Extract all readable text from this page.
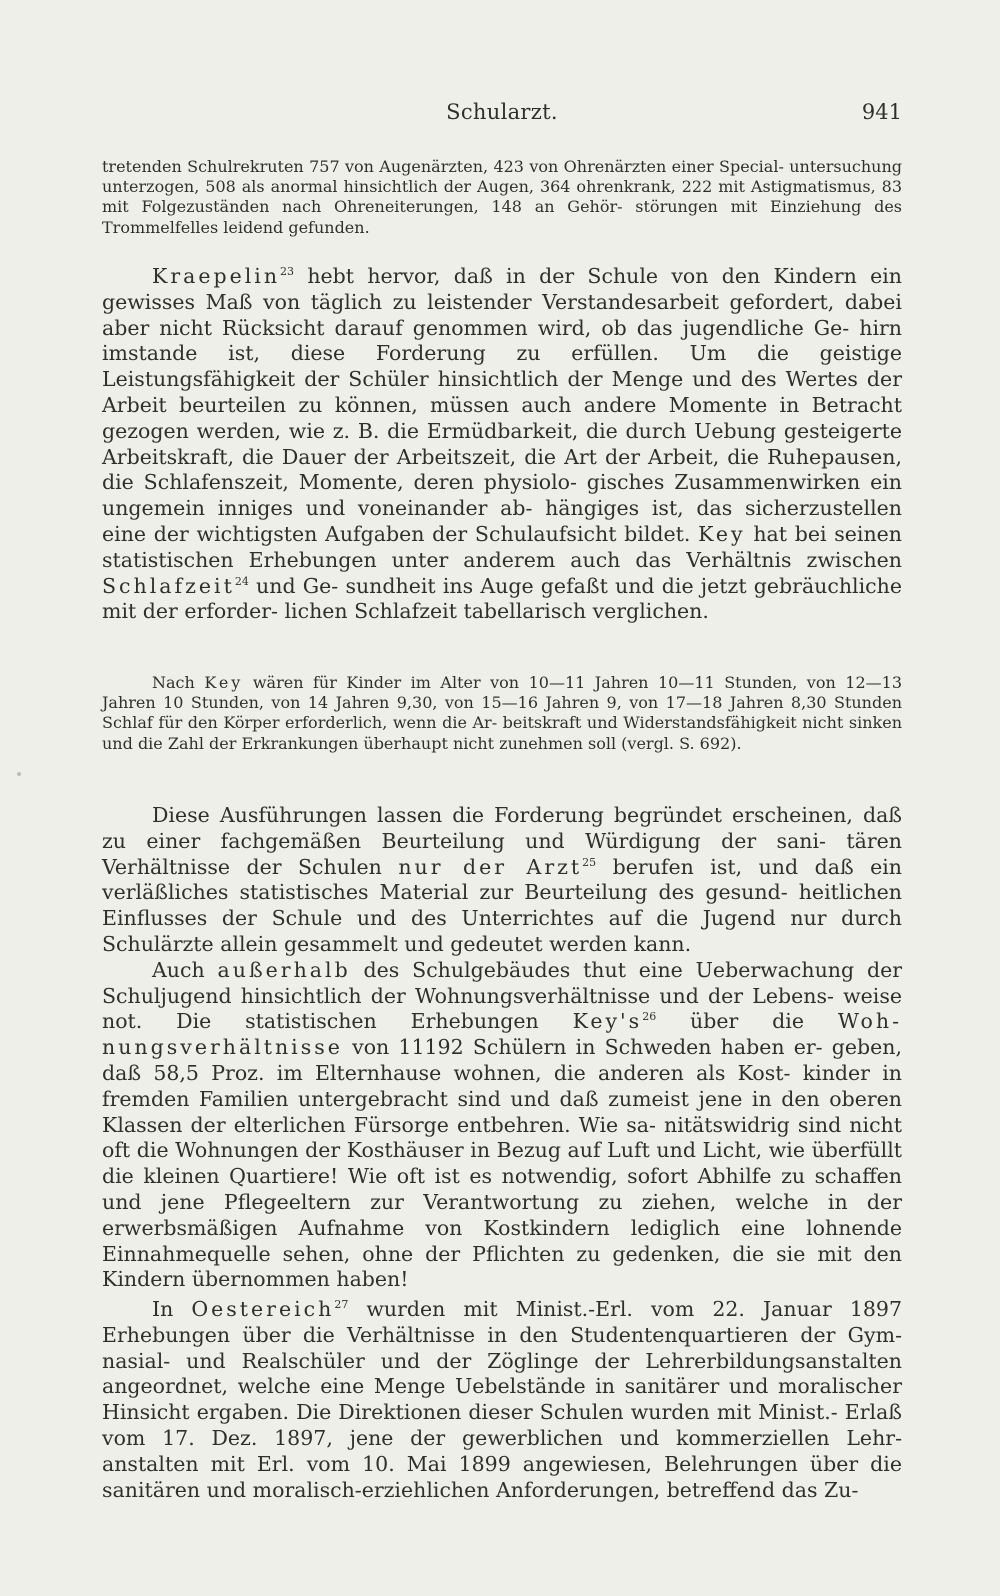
Schularzt.	941

tretenden Schulrekruten 757 von Augenärzten, 423 von Ohrenärzten einer Special- untersuchung unterzogen, 508 als anormal hinsichtlich der Augen, 364 ohrenkrank, 222 mit Astigmatismus, 83 mit Folgezuständen nach Ohreneiterungen, 148 an Gehör- störungen mit Einziehung des Trommelfelles leidend gefunden.

Kraepelin$^{23}$ hebt hervor, daß in der Schule von den Kindern ein gewisses Maß von täglich zu leistender Verstandesarbeit gefordert, dabei aber nicht Rücksicht darauf genommen wird, ob das jugendliche Ge- hirn imstande ist, diese Forderung zu erfüllen. Um die geistige Leistungsfähigkeit der Schüler hinsichtlich der Menge und des Wertes der Arbeit beurteilen zu können, müssen auch andere Momente in Betracht gezogen werden, wie z. B. die Ermüdbarkeit, die durch Uebung gesteigerte Arbeitskraft, die Dauer der Arbeitszeit, die Art der Arbeit, die Ruhepausen, die Schlafenszeit, Momente, deren physiolo- gisches Zusammenwirken ein ungemein inniges und voneinander ab- hängiges ist, das sicherzustellen eine der wichtigsten Aufgaben der Schulaufsicht bildet. Key hat bei seinen statistischen Erhebungen unter anderem auch das Verhältnis zwischen Schlafzeit$^{24}$ und Ge- sundheit ins Auge gefaßt und die jetzt gebräuchliche mit der erforder- lichen Schlafzeit tabellarisch verglichen.

Nach Key wären für Kinder im Alter von 10—11 Jahren 10—11 Stunden, von 12—13 Jahren 10 Stunden, von 14 Jahren 9,30, von 15—16 Jahren 9, von 17—18 Jahren 8,30 Stunden Schlaf für den Körper erforderlich, wenn die Ar- beitskraft und Widerstandsfähigkeit nicht sinken und die Zahl der Erkrankungen überhaupt nicht zunehmen soll (vergl. S. 692).

Diese Ausführungen lassen die Forderung begründet erscheinen, daß zu einer fachgemäßen Beurteilung und Würdigung der sani- tären Verhältnisse der Schulen nur der Arzt$^{25}$ berufen ist, und daß ein verläßliches statistisches Material zur Beurteilung des gesund- heitlichen Einflusses der Schule und des Unterrichtes auf die Jugend nur durch Schulärzte allein gesammelt und gedeutet werden kann.

Auch außerhalb des Schulgebäudes thut eine Ueberwachung der Schuljugend hinsichtlich der Wohnungsverhältnisse und der Lebens- weise not. Die statistischen Erhebungen $Key's^{26}$ über die Woh- nungsverhältnisse von 11192 Schülern in Schweden haben er- geben, daß 58,5 Proz. im Elternhause wohnen, die anderen als Kost- kinder in fremden Familien untergebracht sind und daß zumeist jene in den oberen Klassen der elterlichen Fürsorge entbehren. Wie sa- nitätswidrig sind nicht oft die Wohnungen der Kosthäuser in Bezug auf Luft und Licht, wie überfüllt die kleinen Quartiere! Wie oft ist es notwendig, sofort Abhilfe zu schaffen und jene Pflegeeltern zur Verantwortung zu ziehen, welche in der erwerbsmäßigen Aufnahme von Kostkindern lediglich eine lohnende Einnahmequelle sehen, ohne der Pflichten zu gedenken, die sie mit den Kindern übernommen haben!

In Oestereich$^{27}$ wurden mit Minist.-Erl. vom 22. Januar 1897 Erhebungen über die Verhältnisse in den Studentenquartieren der Gym- nasial- und Realschüler und der Zöglinge der Lehrerbildungsanstalten angeordnet, welche eine Menge Uebelstände in sanitärer und moralischer Hinsicht ergaben. Die Direktionen dieser Schulen wurden mit Minist.- Erlaß vom 17. Dez. 1897, jene der gewerblichen und kommerziellen Lehr- anstalten mit Erl. vom 10. Mai 1899 angewiesen, Belehrungen über die sanitären und moralisch-erziehlichen Anforderungen, betreffend das Zu-
